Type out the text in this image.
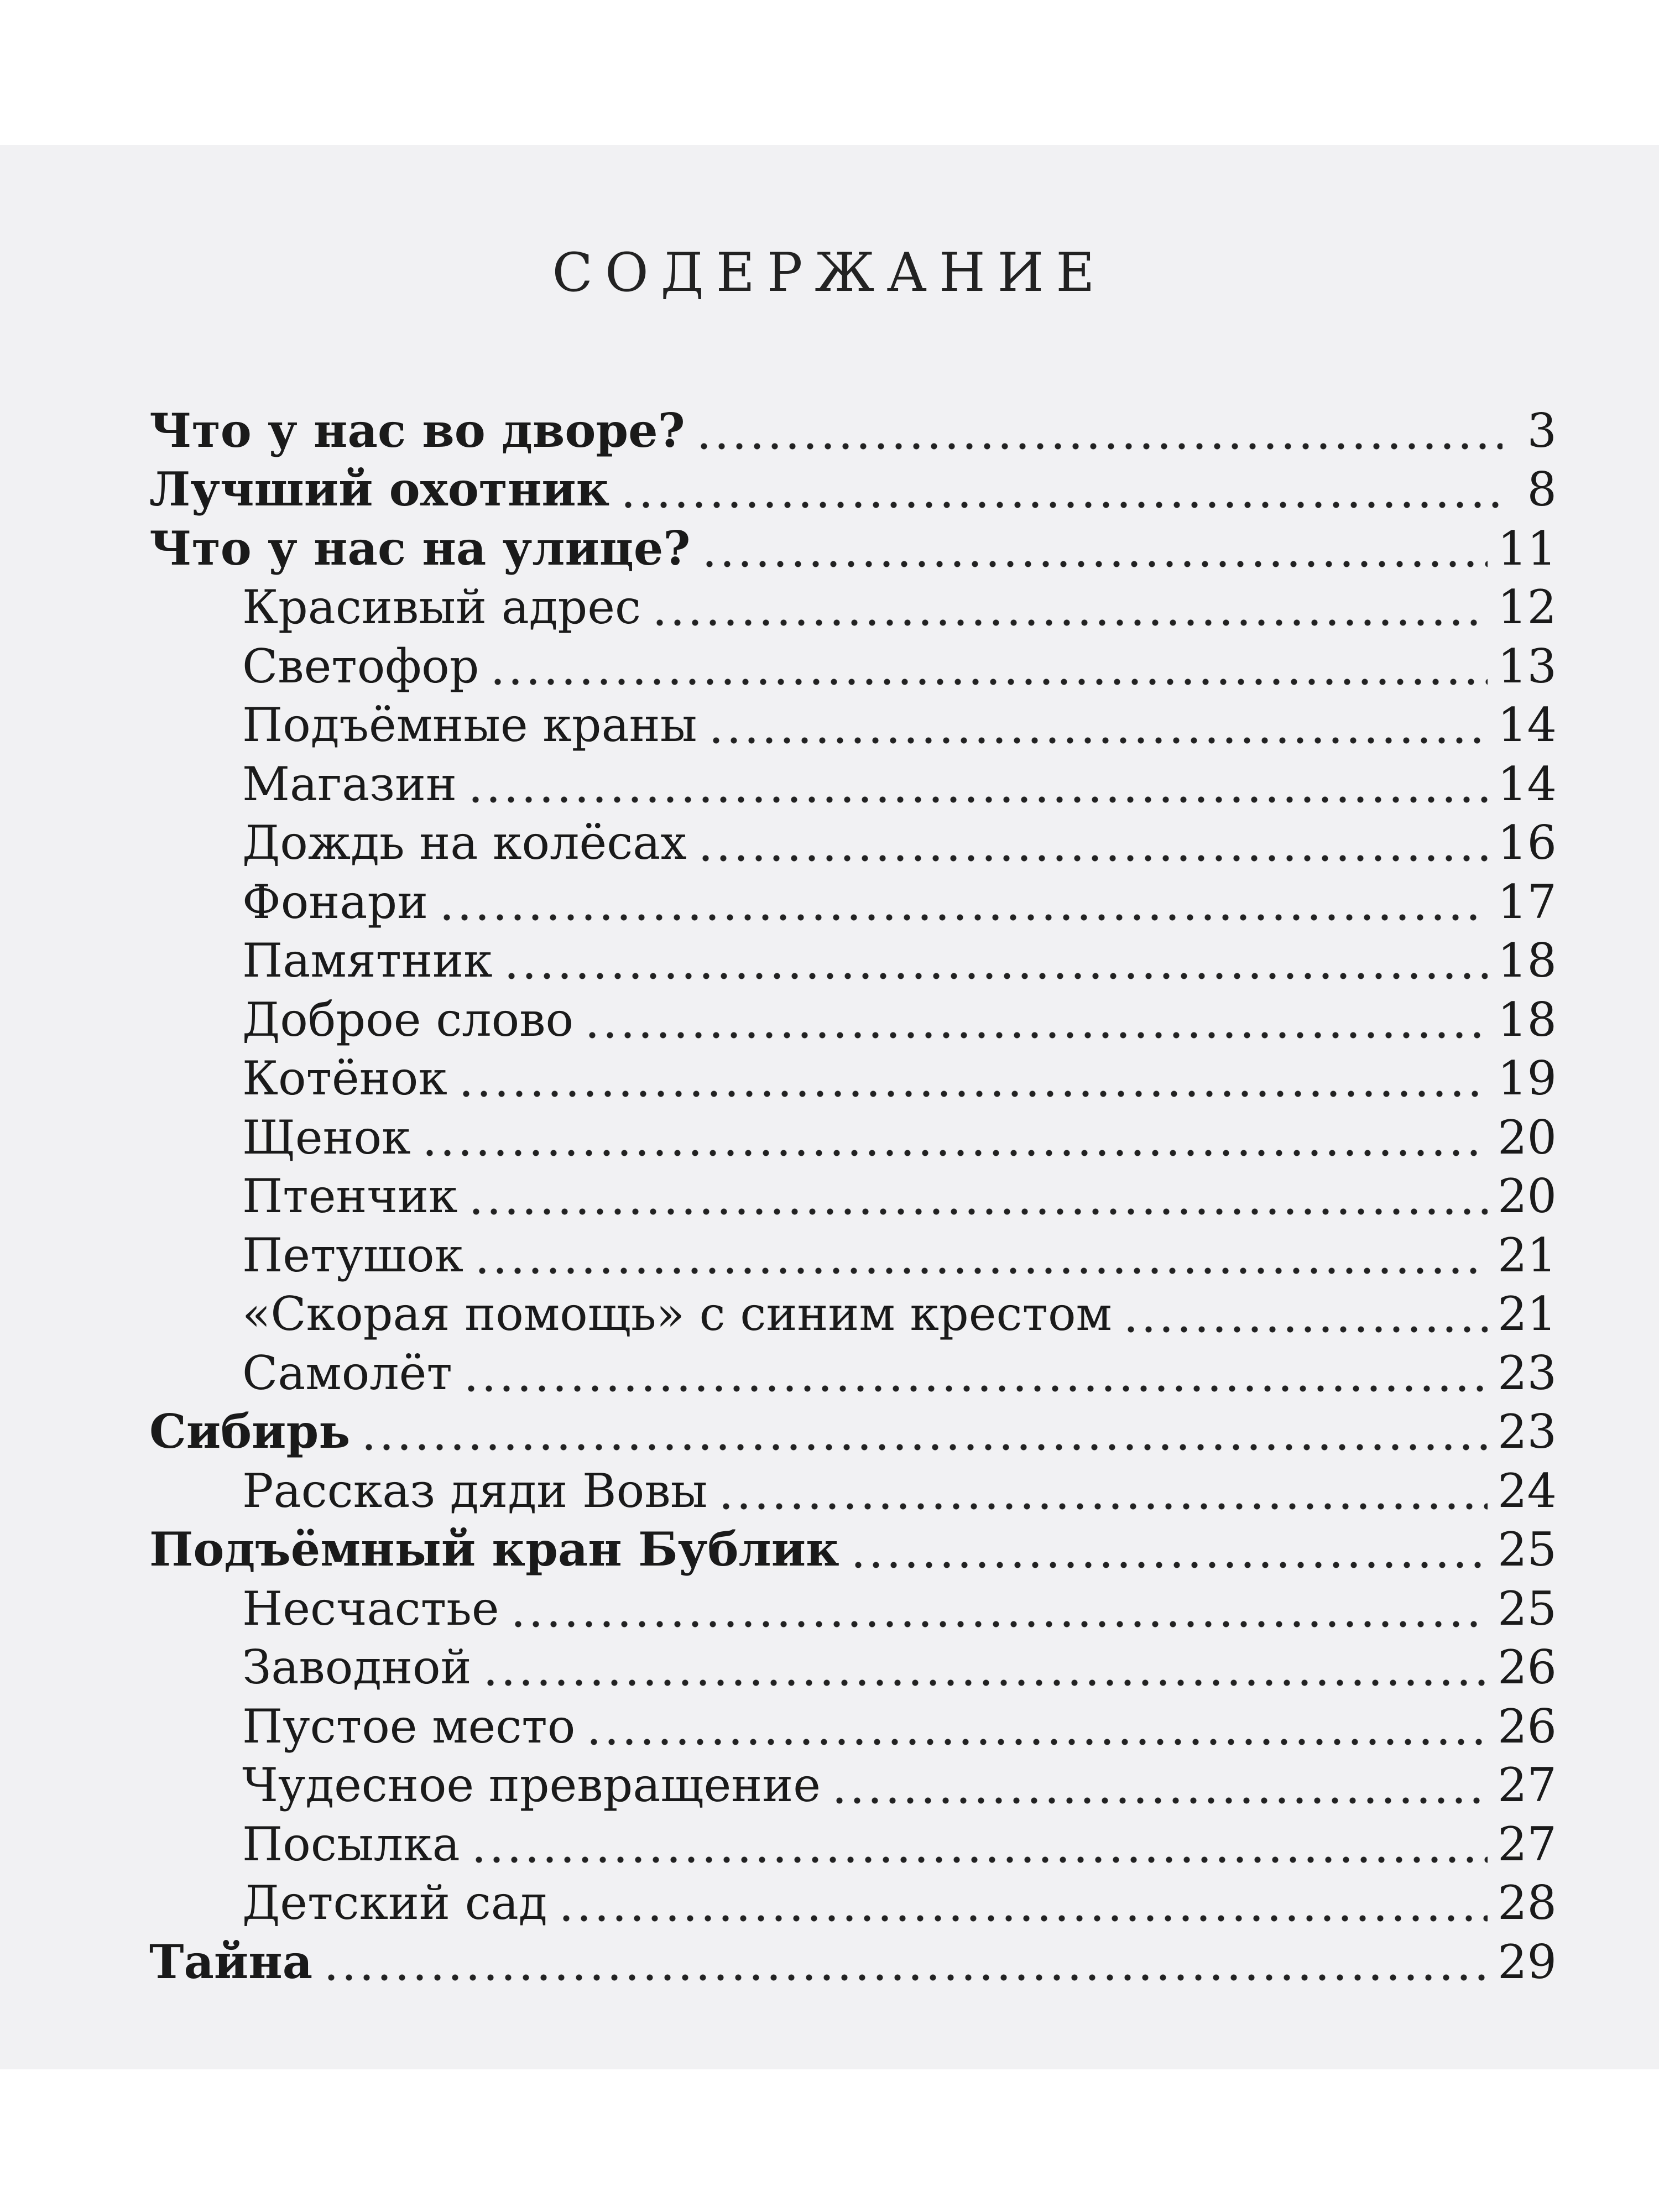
СОДЕРЖАНИЕ
Что у нас во дворе?	3
Лучший охотник	8
Что у нас на улице?	11
Красивый адрес	12
Светофор	13
Подъёмные краны	14
Магазин	14
Дождь на колёсах	16
Фонари	17
Памятник	18
Доброе слово	18
Котёнок	19
Щенок	20
Птенчик	20
Петушок	21
«Скорая помощь» с синим крестом	21
Самолёт	23
Сибирь	23
Рассказ дяди Вовы	24
Подъёмный кран Бублик	25
Несчастье	25
Заводной	26
Пустое место	26
Чудесное превращение	27
Посылка	27
Детский сад	28
Тайна	29
